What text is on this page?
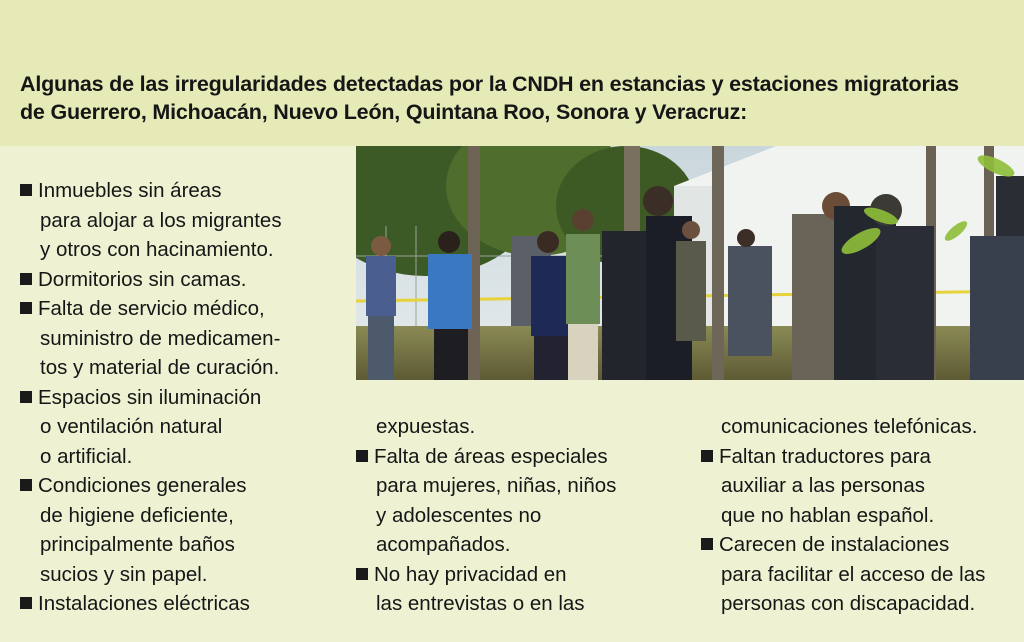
Algunas de las irregularidades detectadas por la CNDH en estancias y estaciones migratorias
de Guerrero, Michoacán, Nuevo León, Quintana Roo, Sonora y Veracruz:

Inmuebles sin áreas
para alojar a los migrantes
y otros con hacinamiento.
Dormitorios sin camas.
Falta de servicio médico,
suministro de medicamen-
tos y material de curación.
Espacios sin iluminación
o ventilación natural
o artificial.
Condiciones generales
de higiene deficiente,
principalmente baños
sucios y sin papel.
Instalaciones eléctricas
expuestas.
Falta de áreas especiales
para mujeres, niñas, niños
y adolescentes no
acompañados.
No hay privacidad en
las entrevistas o en las
comunicaciones telefónicas.
Faltan traductores para
auxiliar a las personas
que no hablan español.
Carecen de instalaciones
para facilitar el acceso de las
personas con discapacidad.
